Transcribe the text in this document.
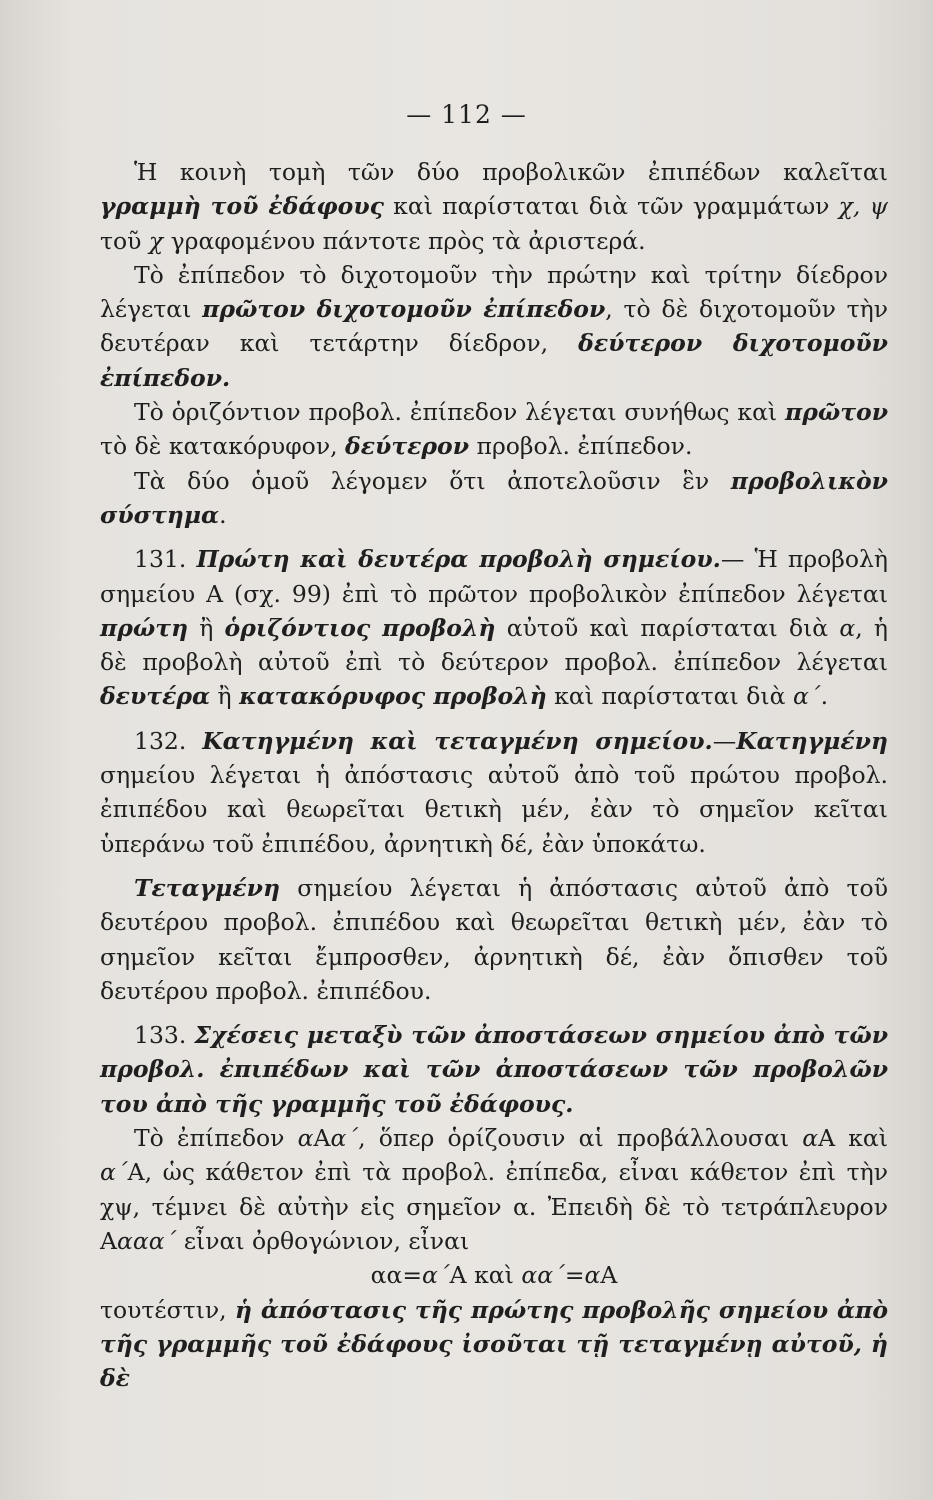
— 112 —

Ἡ κοινὴ τομὴ τῶν δύο προβολικῶν ἐπιπέδων καλεῖται γραμμὴ τοῦ ἐδάφους καὶ παρίσταται διὰ τῶν γραμμάτων χ, ψ τοῦ χ γραφομένου πάντοτε πρὸς τὰ ἀριστερά.

Τὸ ἐπίπεδον τὸ διχοτομοῦν τὴν πρώτην καὶ τρίτην δίεδρον λέγεται πρῶτον διχοτομοῦν ἐπίπεδον, τὸ δὲ διχοτομοῦν τὴν δευτέραν καὶ τετάρτην δίεδρον, δεύτερον διχοτομοῦν ἐπίπεδον.

Τὸ ὁριζόντιον προβολ. ἐπίπεδον λέγεται συνήθως καὶ πρῶτον τὸ δὲ κατακόρυφον, δεύτερον προβολ. ἐπίπεδον.

Τὰ δύο ὁμοῦ λέγομεν ὅτι ἀποτελοῦσιν ἓν προβολικὸν σύστημα.

131. Πρώτη καὶ δευτέρα προβολὴ σημείου.— Ἡ προβολὴ σημείου Α (σχ. 99) ἐπὶ τὸ πρῶτον προβολικὸν ἐπίπεδον λέγεται πρώτη ἢ ὁριζόντιος προβολὴ αὐτοῦ καὶ παρίσταται διὰ α, ἡ δὲ προβολὴ αὐτοῦ ἐπὶ τὸ δεύτερον προβολ. ἐπίπεδον λέγεται δευτέρα ἢ κατακόρυφος προβολὴ καὶ παρίσταται διὰ α΄.

132. Κατηγμένη καὶ τεταγμένη σημείου.—Κατηγμένη σημείου λέγεται ἡ ἀπόστασις αὐτοῦ ἀπὸ τοῦ πρώτου προβολ. ἐπιπέδου καὶ θεωρεῖται θετικὴ μέν, ἐὰν τὸ σημεῖον κεῖται ὑπεράνω τοῦ ἐπιπέδου, ἀρνητικὴ δέ, ἐὰν ὑποκάτω.

Τεταγμένη σημείου λέγεται ἡ ἀπόστασις αὐτοῦ ἀπὸ τοῦ δευτέρου προβολ. ἐπιπέδου καὶ θεωρεῖται θετικὴ μέν, ἐὰν τὸ σημεῖον κεῖται ἔμπροσθεν, ἀρνητικὴ δέ, ἐὰν ὄπισθεν τοῦ δευτέρου προβολ. ἐπιπέδου.

133. Σχέσεις μεταξὺ τῶν ἀποστάσεων σημείου ἀπὸ τῶν προβολ. ἐπιπέδων καὶ τῶν ἀποστάσεων τῶν προβολῶν του ἀπὸ τῆς γραμμῆς τοῦ ἐδάφους.

Τὸ ἐπίπεδον αΑα΄, ὅπερ ὁρίζουσιν αἱ προβάλλουσαι αΑ καὶ α΄Α, ὡς κάθετον ἐπὶ τὰ προβολ. ἐπίπεδα, εἶναι κάθετον ἐπὶ τὴν χψ, τέμνει δὲ αὐτὴν εἰς σημεῖον α. Ἐπειδὴ δὲ τὸ τετράπλευρον Αααα΄ εἶναι ὀρθογώνιον, εἶναι

αα=α΄Α καὶ αα΄=αΑ

τουτέστιν, ἡ ἀπόστασις τῆς πρώτης προβολῆς σημείου ἀπὸ τῆς γραμμῆς τοῦ ἐδάφους ἰσοῦται τῇ τεταγμένῃ αὐτοῦ, ἡ δὲ
